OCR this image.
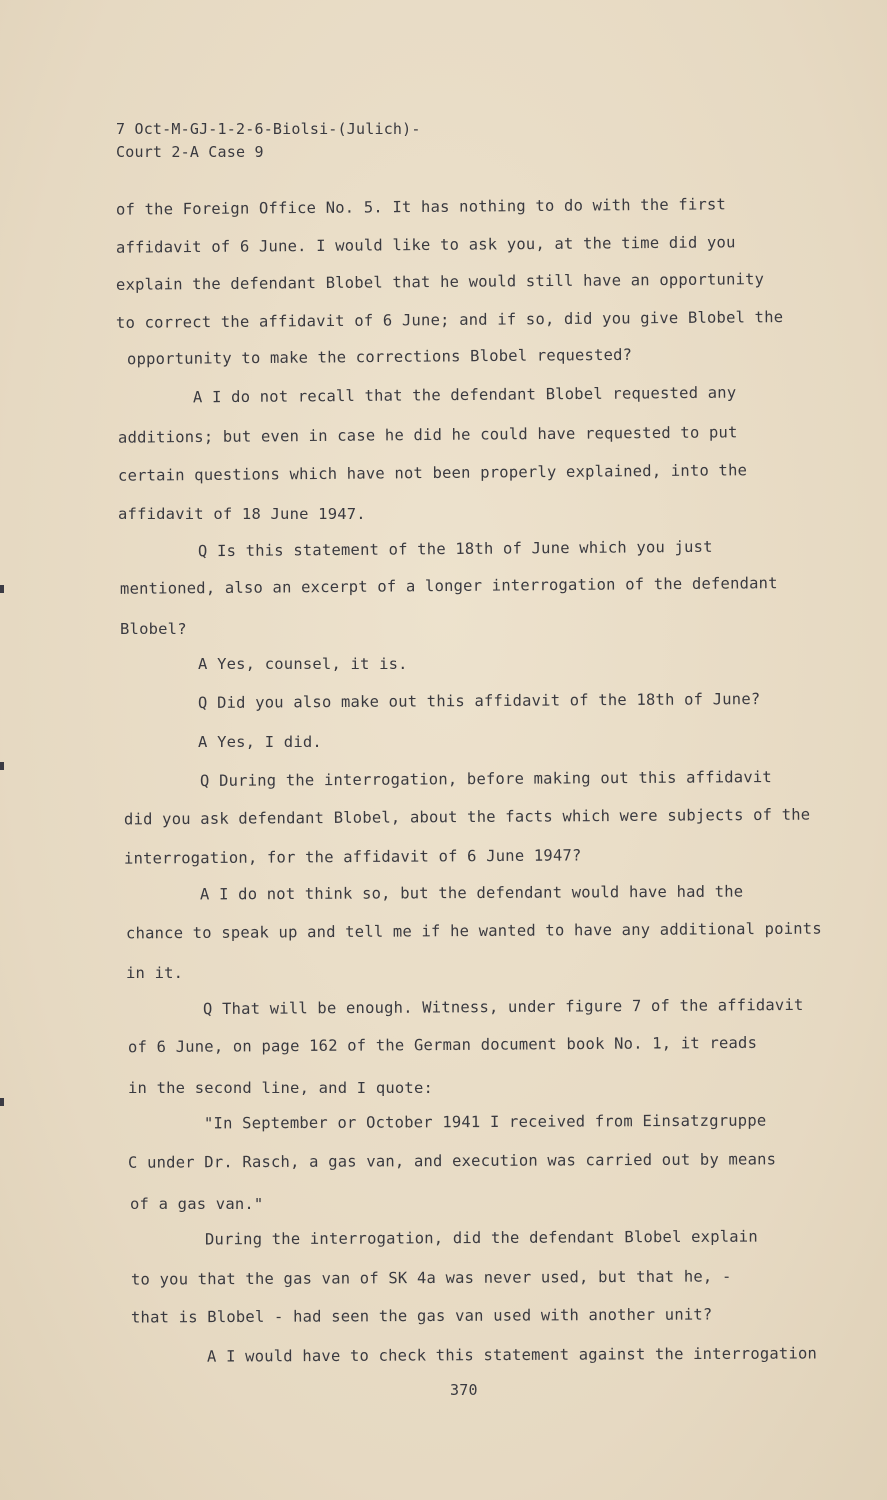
7 Oct-M-GJ-1-2-6-Biolsi-(Julich)-
Court 2-A Case 9
of the Foreign Office No. 5. It has nothing to do with the first
affidavit of 6 June. I would like to ask you, at the time did you
explain the defendant Blobel that he would still have an opportunity
to correct the affidavit of 6 June; and if so, did you give Blobel the
opportunity to make the corrections Blobel requested?
A I do not recall that the defendant Blobel requested any
additions; but even in case he did he could have requested to put
certain questions which have not been properly explained, into the
affidavit of 18 June 1947.
Q Is this statement of the 18th of June which you just
mentioned, also an excerpt of a longer interrogation of the defendant
Blobel?
A Yes, counsel, it is.
Q Did you also make out this affidavit of the 18th of June?
A Yes, I did.
Q During the interrogation, before making out this affidavit
did you ask defendant Blobel, about the facts which were subjects of the
interrogation, for the affidavit of 6 June 1947?
A I do not think so, but the defendant would have had the
chance to speak up and tell me if he wanted to have any additional points
in it.
Q That will be enough. Witness, under figure 7 of the affidavit
of 6 June, on page 162 of the German document book No. 1, it reads
in the second line, and I quote:
"In September or October 1941 I received from Einsatzgruppe
C under Dr. Rasch, a gas van, and execution was carried out by means
of a gas van."
During the interrogation, did the defendant Blobel explain
to you that the gas van of SK 4a was never used, but that he, -
that is Blobel - had seen the gas van used with another unit?
A I would have to check this statement against the interrogation
370
